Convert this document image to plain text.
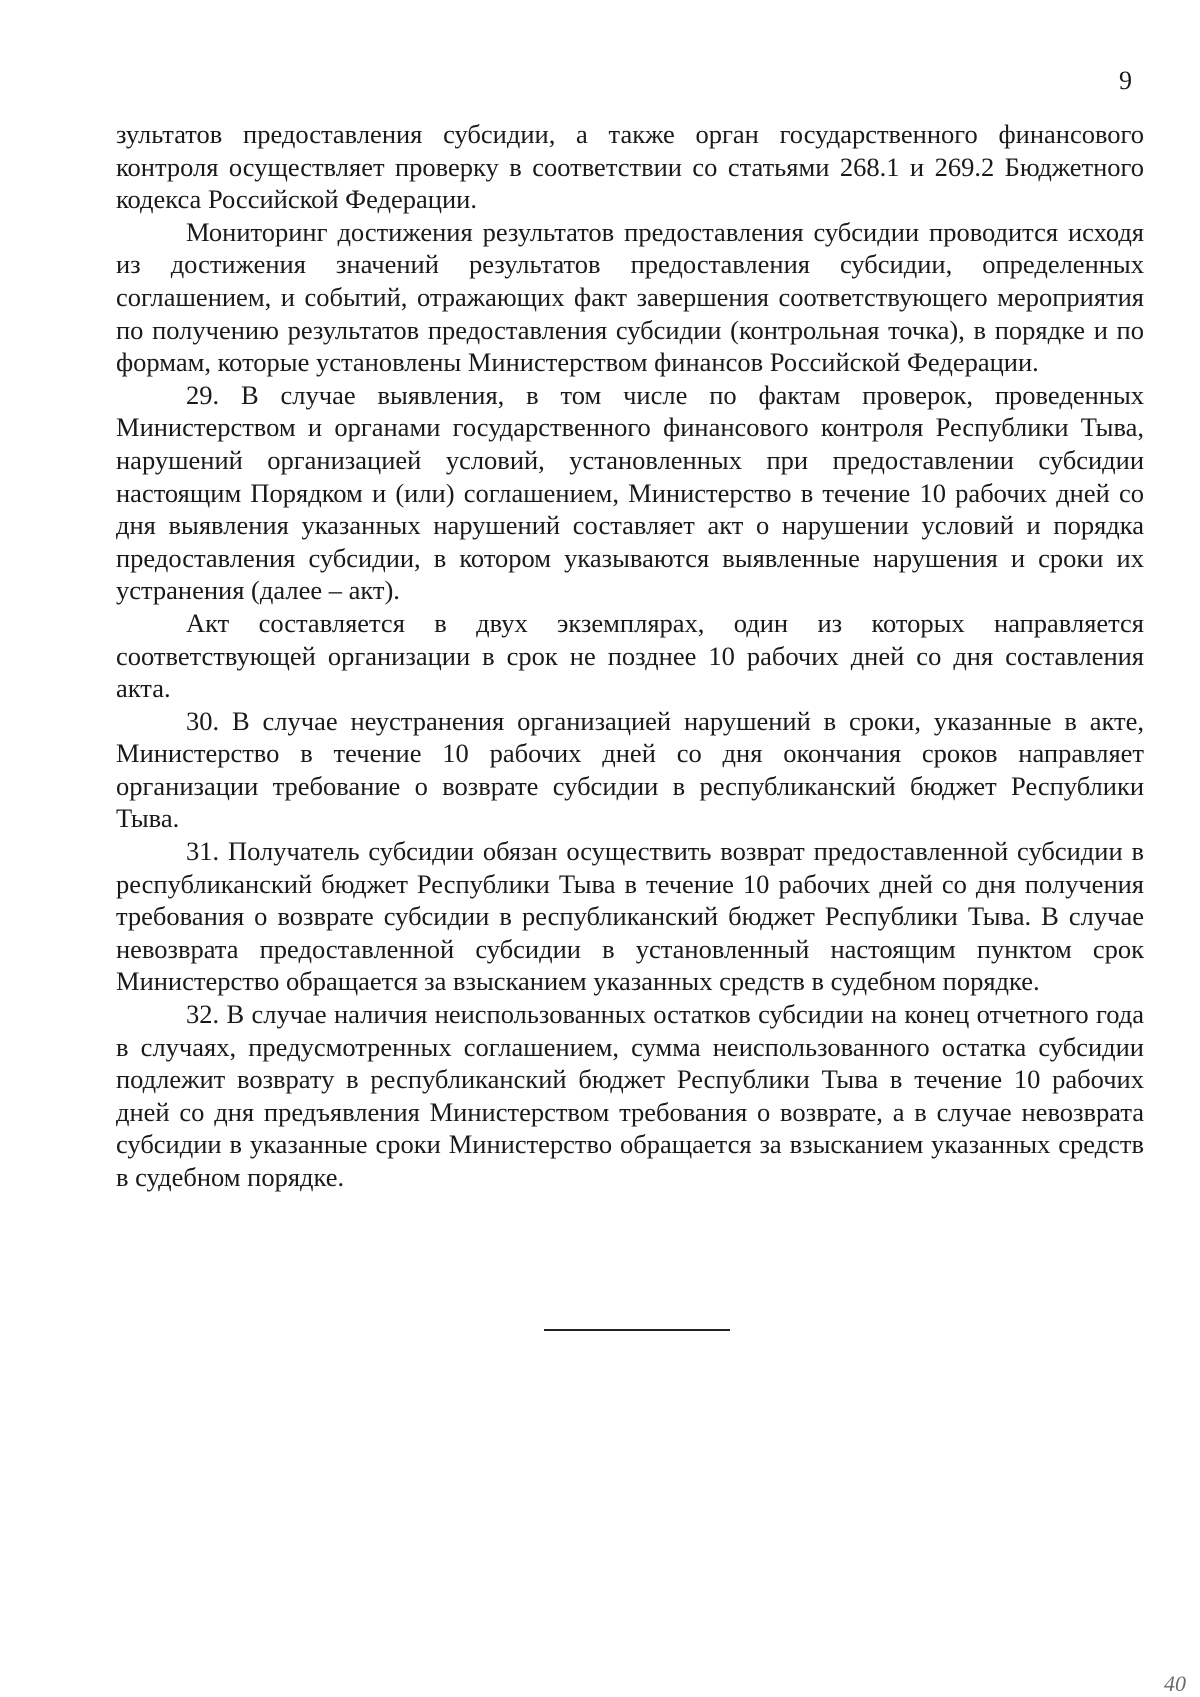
9

зультатов предоставления субсидии, а также орган государственного финансового контроля осуществляет проверку в соответствии со статьями 268.1 и 269.2 Бюджетного кодекса Российской Федерации.

Мониторинг достижения результатов предоставления субсидии проводится исходя из достижения значений результатов предоставления субсидии, определенных соглашением, и событий, отражающих факт завершения соответствующего мероприятия по получению результатов предоставления субсидии (контрольная точка), в порядке и по формам, которые установлены Министерством финансов Российской Федерации.

29. В случае выявления, в том числе по фактам проверок, проведенных Министерством и органами государственного финансового контроля Республики Тыва, нарушений организацией условий, установленных при предоставлении субсидии настоящим Порядком и (или) соглашением, Министерство в течение 10 рабочих дней со дня выявления указанных нарушений составляет акт о нарушении условий и порядка предоставления субсидии, в котором указываются выявленные нарушения и сроки их устранения (далее – акт).

Акт составляется в двух экземплярах, один из которых направляется соответствующей организации в срок не позднее 10 рабочих дней со дня составления акта.

30. В случае неустранения организацией нарушений в сроки, указанные в акте, Министерство в течение 10 рабочих дней со дня окончания сроков направляет организации требование о возврате субсидии в республиканский бюджет Республики Тыва.

31. Получатель субсидии обязан осуществить возврат предоставленной субсидии в республиканский бюджет Республики Тыва в течение 10 рабочих дней со дня получения требования о возврате субсидии в республиканский бюджет Республики Тыва. В случае невозврата предоставленной субсидии в установленный настоящим пунктом срок Министерство обращается за взысканием указанных средств в судебном порядке.

32. В случае наличия неиспользованных остатков субсидии на конец отчетного года в случаях, предусмотренных соглашением, сумма неиспользованного остатка субсидии подлежит возврату в республиканский бюджет Республики Тыва в течение 10 рабочих дней со дня предъявления Министерством требования о возврате, а в случае невозврата субсидии в указанные сроки Министерство обращается за взысканием указанных средств в судебном порядке.

40
